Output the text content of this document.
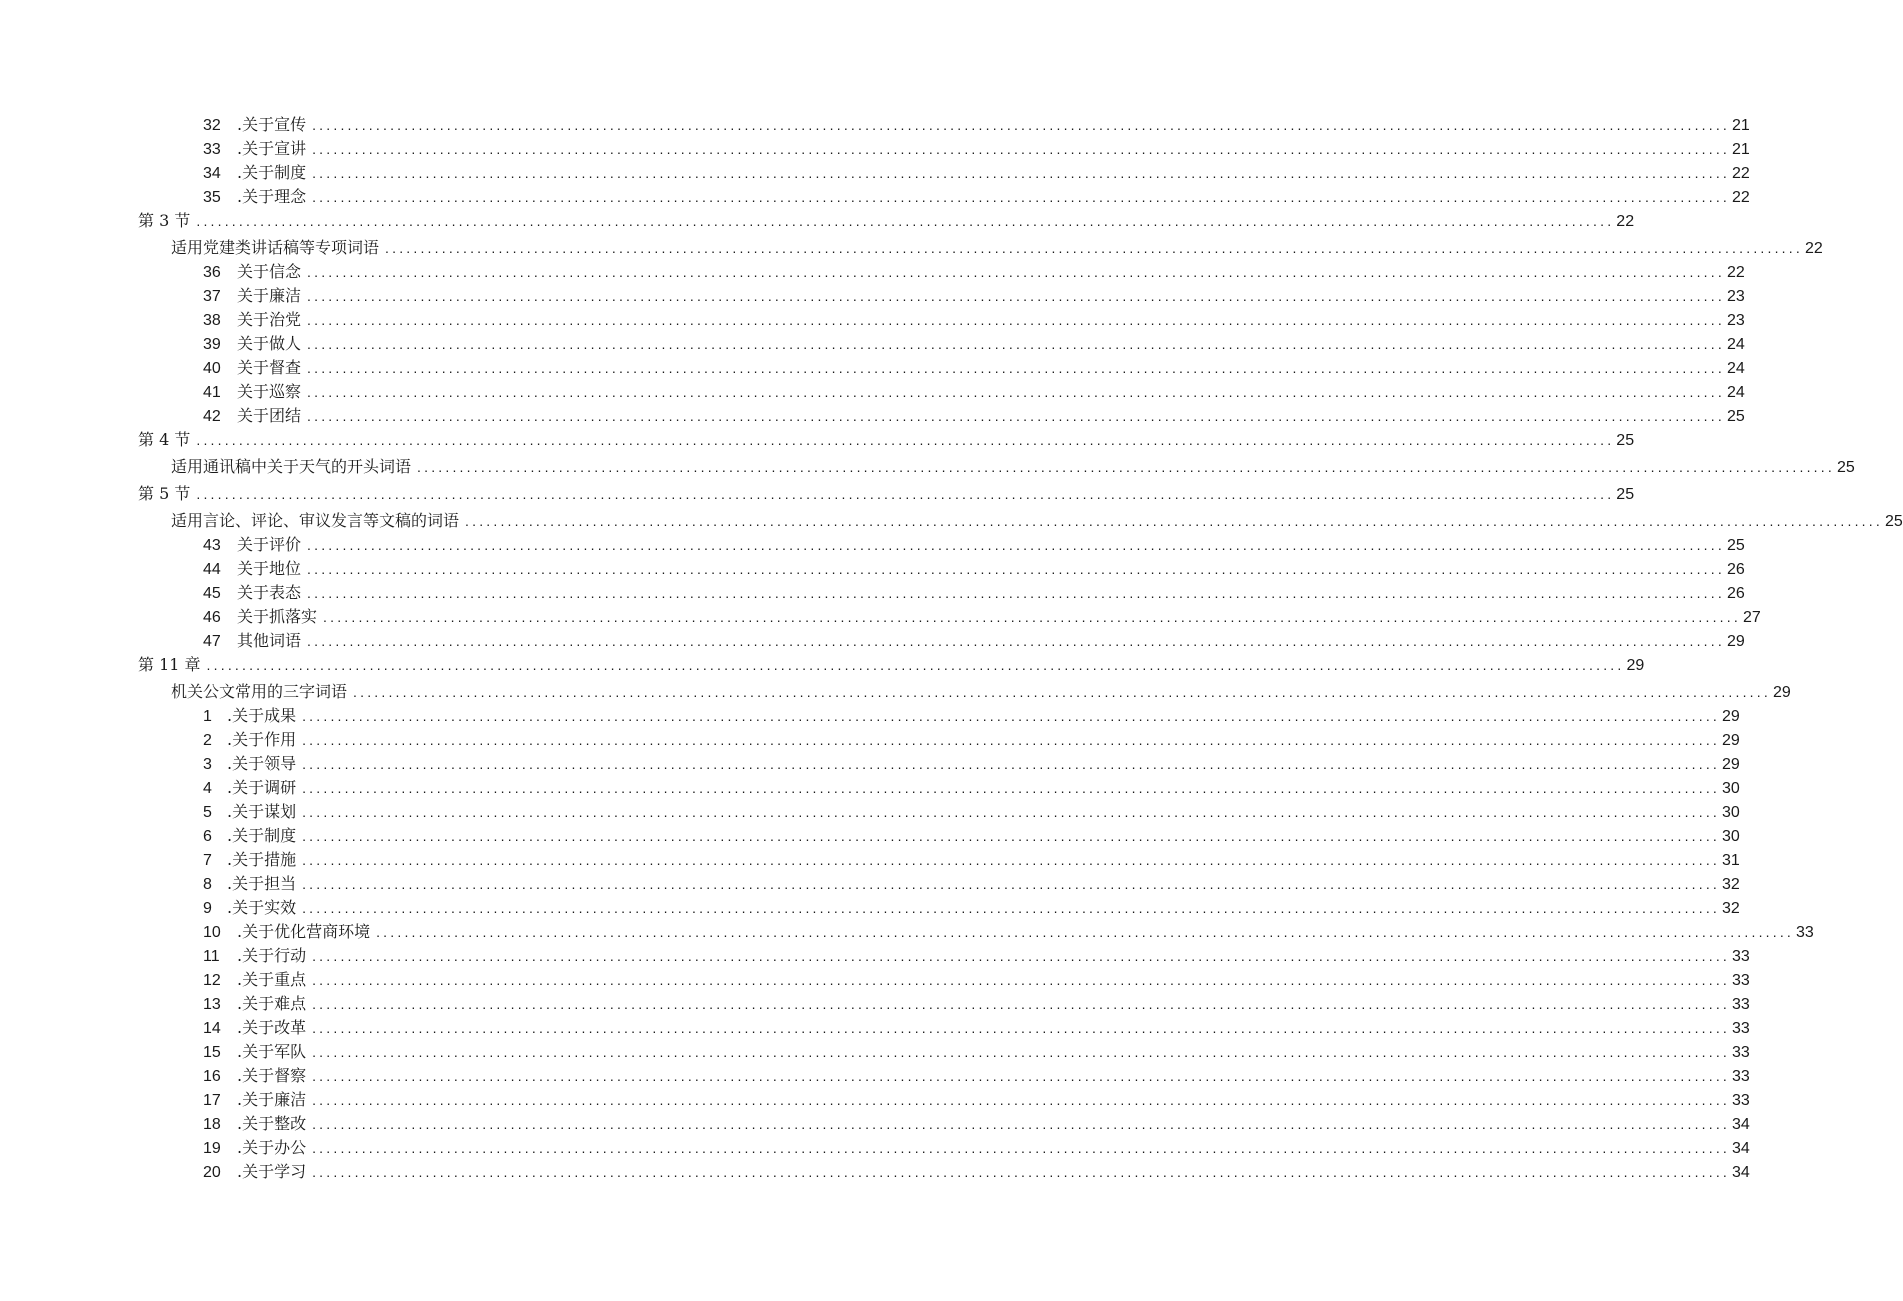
32 .关于宣传 ........................................................................................................................................................................................................ 21
33 .关于宣讲 ........................................................................................................................................................................................................ 21
34 .关于制度 ........................................................................................................................................................................................................ 22
35 .关于理念 ........................................................................................................................................................................................................ 22
第 3 节 ........................................................................................................................................................................................................ 22
适用党建类讲话稿等专项词语 ........................................................................................................................................................................................................ 22
36 关于信念 ........................................................................................................................................................................................................ 22
37 关于廉洁 ........................................................................................................................................................................................................ 23
38 关于治党 ........................................................................................................................................................................................................ 23
39 关于做人 ........................................................................................................................................................................................................ 24
40 关于督查 ........................................................................................................................................................................................................ 24
41 关于巡察 ........................................................................................................................................................................................................ 24
42 关于团结 ........................................................................................................................................................................................................ 25
第 4 节 ........................................................................................................................................................................................................ 25
适用通讯稿中关于天气的开头词语 ........................................................................................................................................................................................................ 25
第 5 节 ........................................................................................................................................................................................................ 25
适用言论、评论、审议发言等文稿的词语 ........................................................................................................................................................................................................ 25
43 关于评价 ........................................................................................................................................................................................................ 25
44 关于地位 ........................................................................................................................................................................................................ 26
45 关于表态 ........................................................................................................................................................................................................ 26
46 关于抓落实 ........................................................................................................................................................................................................ 27
47 其他词语 ........................................................................................................................................................................................................ 29
第 11 章 ........................................................................................................................................................................................................ 29
机关公文常用的三字词语 ........................................................................................................................................................................................................ 29
1 .关于成果 ........................................................................................................................................................................................................ 29
2 .关于作用 ........................................................................................................................................................................................................ 29
3 .关于领导 ........................................................................................................................................................................................................ 29
4 .关于调研 ........................................................................................................................................................................................................ 30
5 .关于谋划 ........................................................................................................................................................................................................ 30
6 .关于制度 ........................................................................................................................................................................................................ 30
7 .关于措施 ........................................................................................................................................................................................................ 31
8 .关于担当 ........................................................................................................................................................................................................ 32
9 .关于实效 ........................................................................................................................................................................................................ 32
10 .关于优化营商环境 ........................................................................................................................................................................................................ 33
11 .关于行动 ........................................................................................................................................................................................................ 33
12 .关于重点 ........................................................................................................................................................................................................ 33
13 .关于难点 ........................................................................................................................................................................................................ 33
14 .关于改革 ........................................................................................................................................................................................................ 33
15 .关于军队 ........................................................................................................................................................................................................ 33
16 .关于督察 ........................................................................................................................................................................................................ 33
17 .关于廉洁 ........................................................................................................................................................................................................ 33
18 .关于整改 ........................................................................................................................................................................................................ 34
19 .关于办公 ........................................................................................................................................................................................................ 34
20 .关于学习 ........................................................................................................................................................................................................ 34
